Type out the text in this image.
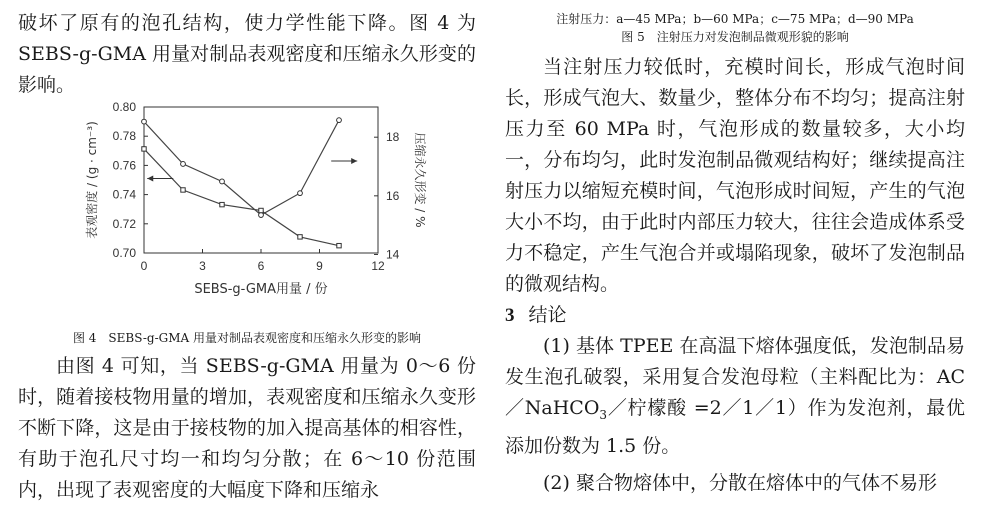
破坏了原有的泡孔结构，使力学性能下降。图 4 为 SEBS-g-GMA 用量对制品表观密度和压缩永久形变的影响。

0	3	6	9	12
0.70
0.72
0.74
0.76
0.78
0.80
14
16
18
SEBS-g-GMA用量 / 份
表观密度 / (g · cm⁻³)	压缩永久形变 / %

图 4　SEBS-g-GMA 用量对制品表观密度和压缩永久形变的影响

由图 4 可知，当 SEBS-g-GMA 用量为 0～6 份时，随着接枝物用量的增加，表观密度和压缩永久变形不断下降，这是由于接枝物的加入提高基体的相容性，有助于泡孔尺寸均一和均匀分散；在 6～10 份范围内，出现了表观密度的大幅度下降和压缩永

注射压力：a—45 MPa；b—60 MPa；c—75 MPa；d—90 MPa

图 5　注射压力对发泡制品微观形貌的影响

当注射压力较低时，充模时间长，形成气泡时间长，形成气泡大、数量少，整体分布不均匀；提高注射压力至 60 MPa 时，气泡形成的数量较多，大小均一，分布均匀，此时发泡制品微观结构好；继续提高注射压力以缩短充模时间，气泡形成时间短，产生的气泡大小不均，由于此时内部压力较大，往往会造成体系受力不稳定，产生气泡合并或塌陷现象，破坏了发泡制品的微观结构。

3 结论

(1) 基体 TPEE 在高温下熔体强度低，发泡制品易发生泡孔破裂，采用复合发泡母粒（主料配比为：AC／NaHCO$_3$／柠檬酸 =2／1／1）作为发泡剂，最优添加份数为 1.5 份。

(2) 聚合物熔体中，分散在熔体中的气体不易形
